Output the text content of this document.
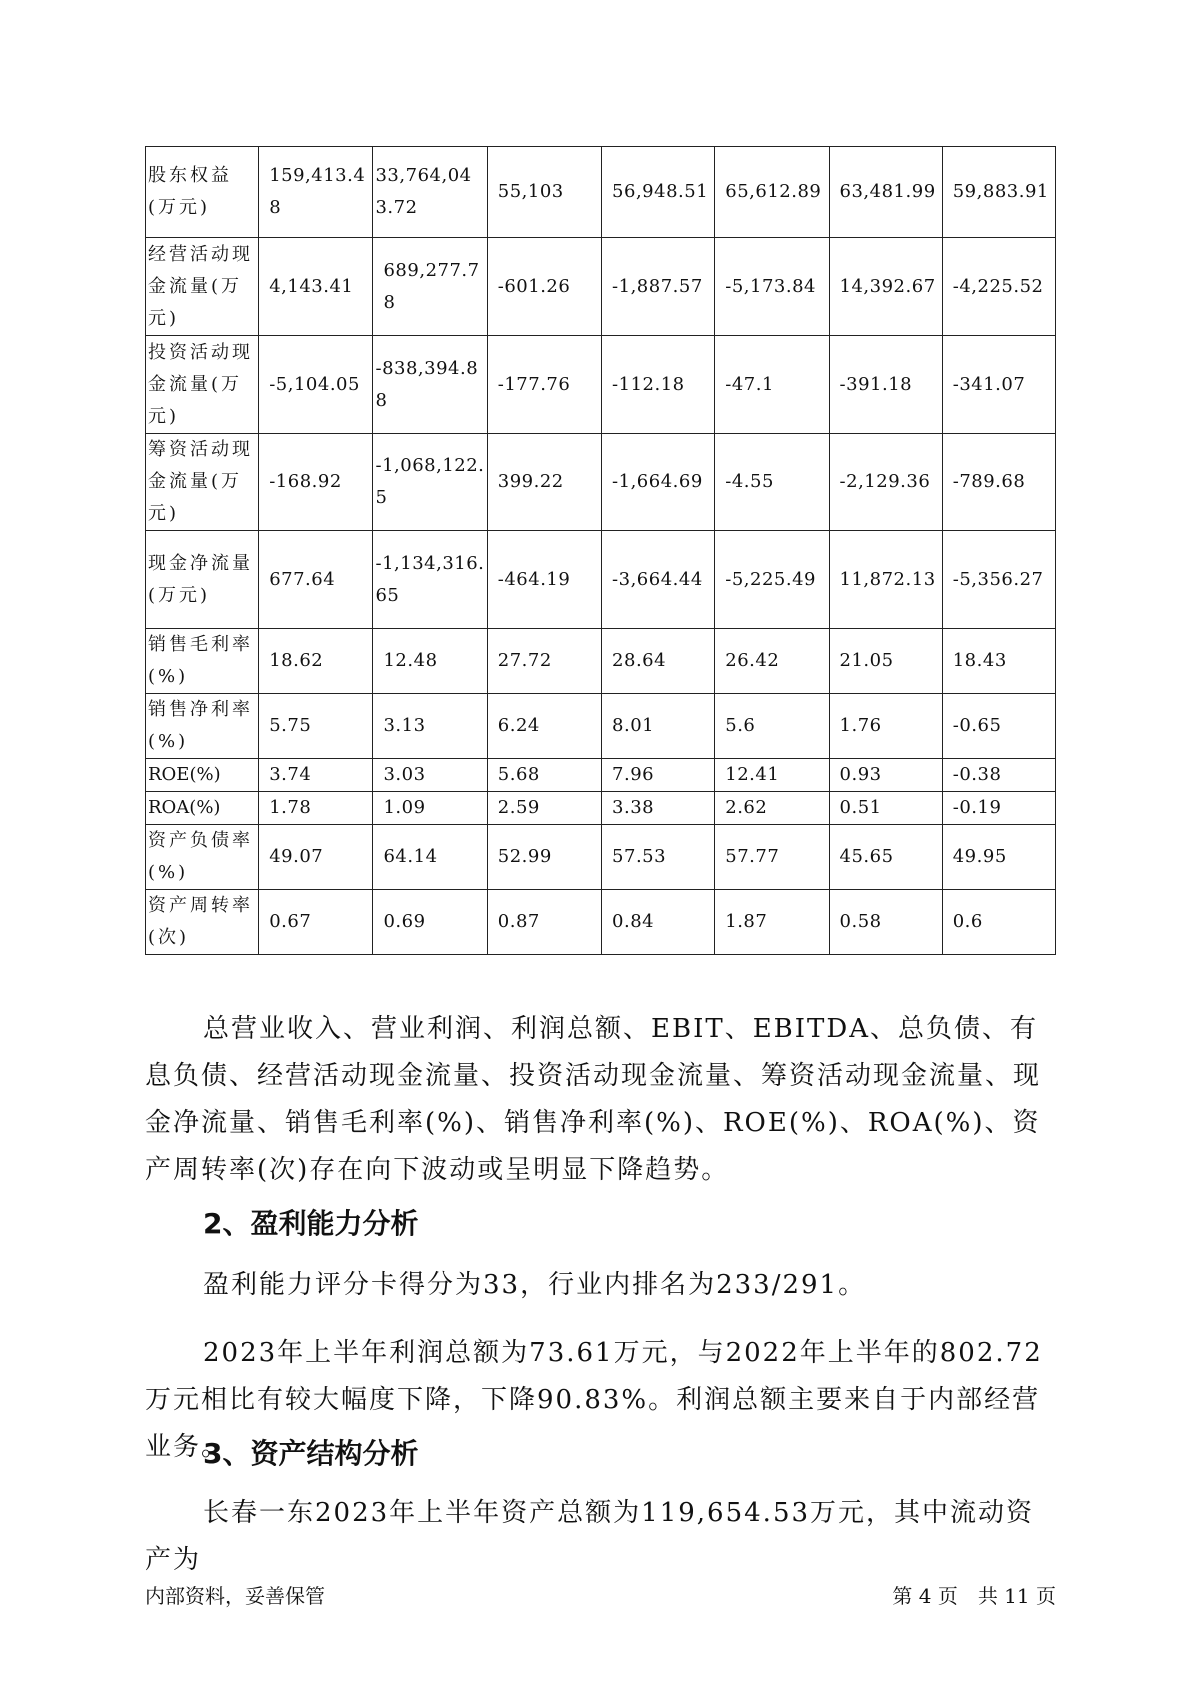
股东权益(万元)	159,413.48	33,764,043.72	55,103	56,948.51	65,612.89	63,481.99	59,883.91
经营活动现金流量(万元)	4,143.41	689,277.78	-601.26	-1,887.57	-5,173.84	14,392.67	-4,225.52
投资活动现金流量(万元)	-5,104.05	-838,394.88	-177.76	-112.18	-47.1	-391.18	-341.07
筹资活动现金流量(万元)	-168.92	-1,068,122.5	399.22	-1,664.69	-4.55	-2,129.36	-789.68
现金净流量(万元)	677.64	-1,134,316.65	-464.19	-3,664.44	-5,225.49	11,872.13	-5,356.27
销售毛利率(%)	18.62	12.48	27.72	28.64	26.42	21.05	18.43
销售净利率(%)	5.75	3.13	6.24	8.01	5.6	1.76	-0.65
ROE(%)	3.74	3.03	5.68	7.96	12.41	0.93	-0.38
ROA(%)	1.78	1.09	2.59	3.38	2.62	0.51	-0.19
资产负债率(%)	49.07	64.14	52.99	57.53	57.77	45.65	49.95
资产周转率(次)	0.67	0.69	0.87	0.84	1.87	0.58	0.6

总营业收入、营业利润、利润总额、EBIT、EBITDA、总负债、有息负债、经营活动现金流量、投资活动现金流量、筹资活动现金流量、现金净流量、销售毛利率(%)、销售净利率(%)、ROE(%)、ROA(%)、资产周转率(次)存在向下波动或呈明显下降趋势。

2、盈利能力分析

盈利能力评分卡得分为33，行业内排名为233/291。

2023年上半年利润总额为73.61万元，与2022年上半年的802.72万元相比有较大幅度下降，下降90.83%。利润总额主要来自于内部经营业务。

3、资产结构分析

长春一东2023年上半年资产总额为119,654.53万元，其中流动资产为

内部资料，妥善保管	第 4 页　共 11 页
